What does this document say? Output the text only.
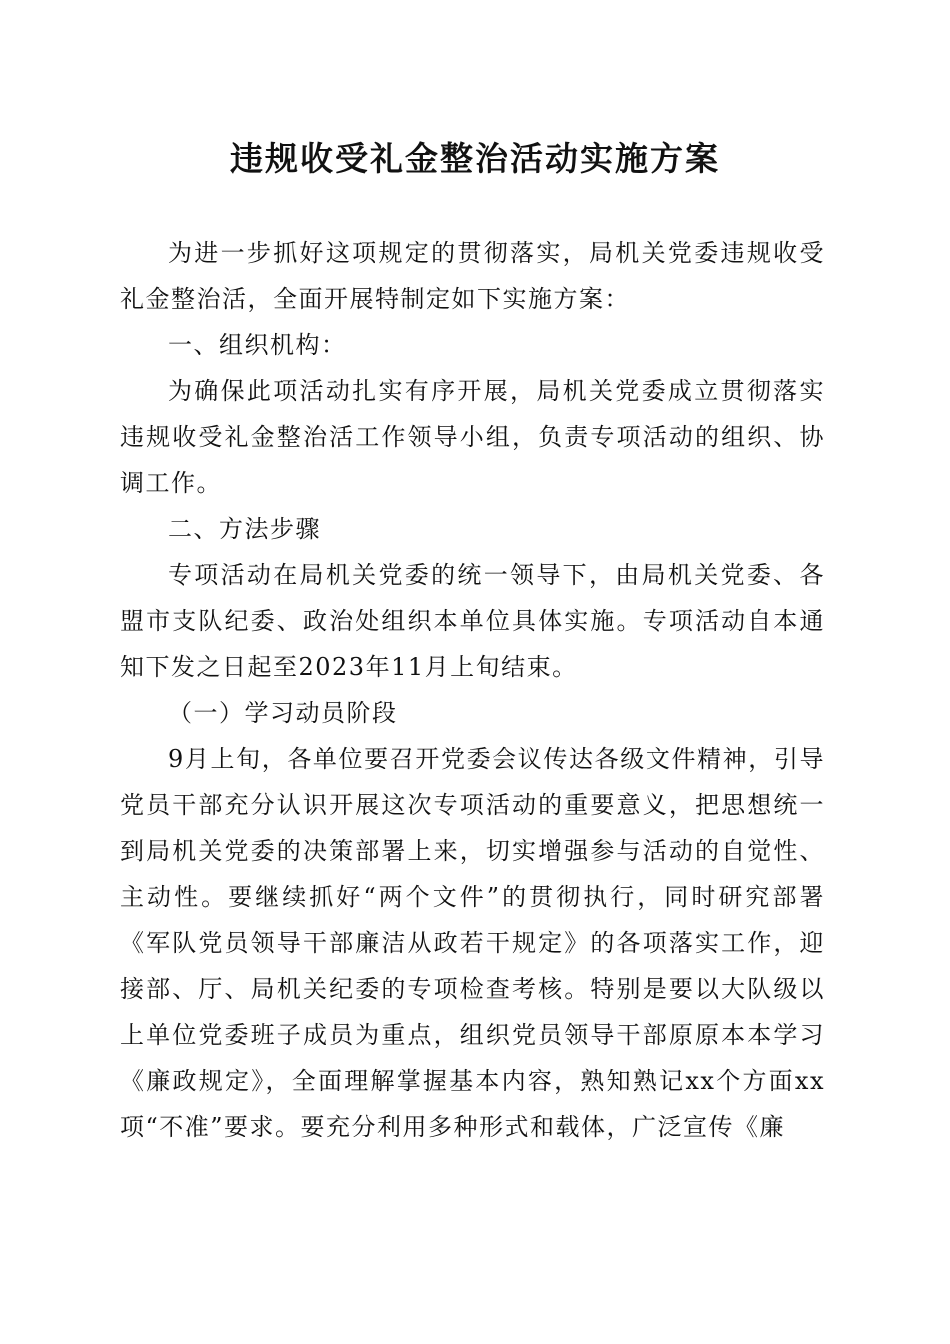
违规收受礼金整治活动实施方案

为进一步抓好这项规定的贯彻落实，局机关党委违规收受礼金整治活，全面开展特制定如下实施方案：

一、组织机构：

为确保此项活动扎实有序开展，局机关党委成立贯彻落实违规收受礼金整治活工作领导小组，负责专项活动的组织、协调工作。

二、方法步骤

专项活动在局机关党委的统一领导下，由局机关党委、各盟市支队纪委、政治处组织本单位具体实施。专项活动自本通知下发之日起至2023年11月上旬结束。

（一）学习动员阶段

9月上旬，各单位要召开党委会议传达各级文件精神，引导党员干部充分认识开展这次专项活动的重要意义，把思想统一到局机关党委的决策部署上来，切实增强参与活动的自觉性、主动性。要继续抓好“两个文件”的贯彻执行，同时研究部署《军队党员领导干部廉洁从政若干规定》的各项落实工作，迎接部、厅、局机关纪委的专项检查考核。特别是要以大队级以上单位党委班子成员为重点，组织党员领导干部原原本本学习《廉政规定》，全面理解掌握基本内容，熟知熟记xx个方面xx项“不准”要求。要充分利用多种形式和载体，广泛宣传《廉
